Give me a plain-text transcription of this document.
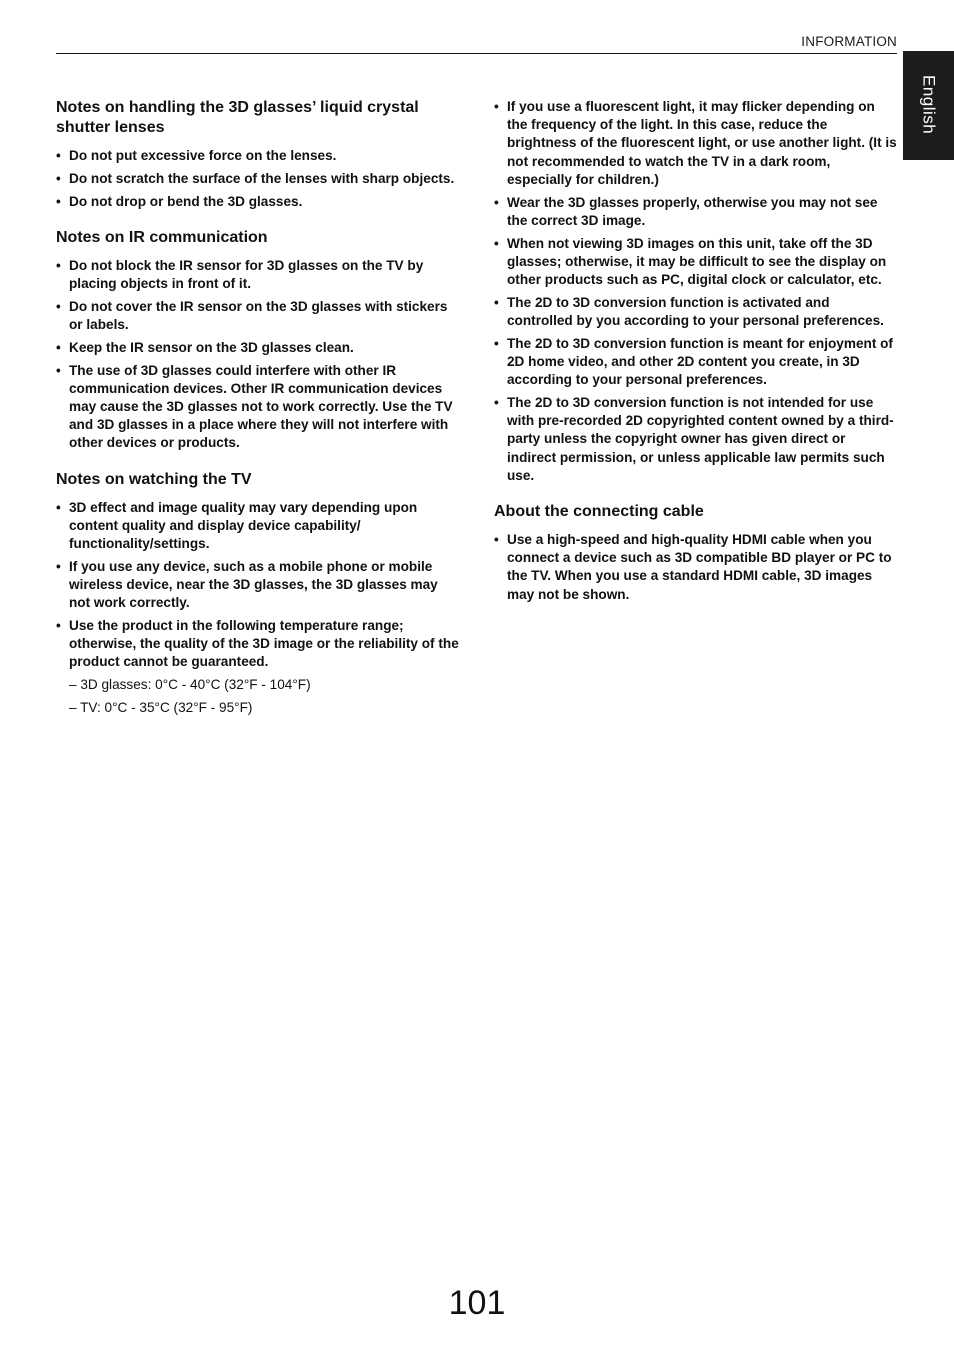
INFORMATION
English
Notes on handling the 3D glasses’ liquid crystal shutter lenses
• Do not put excessive force on the lenses.
• Do not scratch the surface of the lenses with sharp objects.
• Do not drop or bend the 3D glasses.
Notes on IR communication
• Do not block the IR sensor for 3D glasses on the TV by placing objects in front of it.
• Do not cover the IR sensor on the 3D glasses with stickers or labels.
• Keep the IR sensor on the 3D glasses clean.
• The use of 3D glasses could interfere with other IR communication devices. Other IR communication devices may cause the 3D glasses not to work correctly. Use the TV and 3D glasses in a place where they will not interfere with other devices or products.
Notes on watching the TV
• 3D effect and image quality may vary depending upon content quality and display device capability/ functionality/settings.
• If you use any device, such as a mobile phone or mobile wireless device, near the 3D glasses, the 3D glasses may not work correctly.
• Use the product in the following temperature range; otherwise, the quality of the 3D image or the reliability of the product cannot be guaranteed.
– 3D glasses: 0°C - 40°C (32°F - 104°F)
– TV: 0°C - 35°C (32°F - 95°F)
• If you use a fluorescent light, it may flicker depending on the frequency of the light. In this case, reduce the brightness of the fluorescent light, or use another light. (It is not recommended to watch the TV in a dark room, especially for children.)
• Wear the 3D glasses properly, otherwise you may not see the correct 3D image.
• When not viewing 3D images on this unit, take off the 3D glasses; otherwise, it may be difficult to see the display on other products such as PC, digital clock or calculator, etc.
• The 2D to 3D conversion function is activated and controlled by you according to your personal preferences.
• The 2D to 3D conversion function is meant for enjoyment of 2D home video, and other 2D content you create, in 3D according to your personal preferences.
• The 2D to 3D conversion function is not intended for use with pre-recorded 2D copyrighted content owned by a third-party unless the copyright owner has given direct or indirect permission, or unless applicable law permits such use.
About the connecting cable
• Use a high-speed and high-quality HDMI cable when you connect a device such as 3D compatible BD player or PC to the TV. When you use a standard HDMI cable, 3D images may not be shown.
101
